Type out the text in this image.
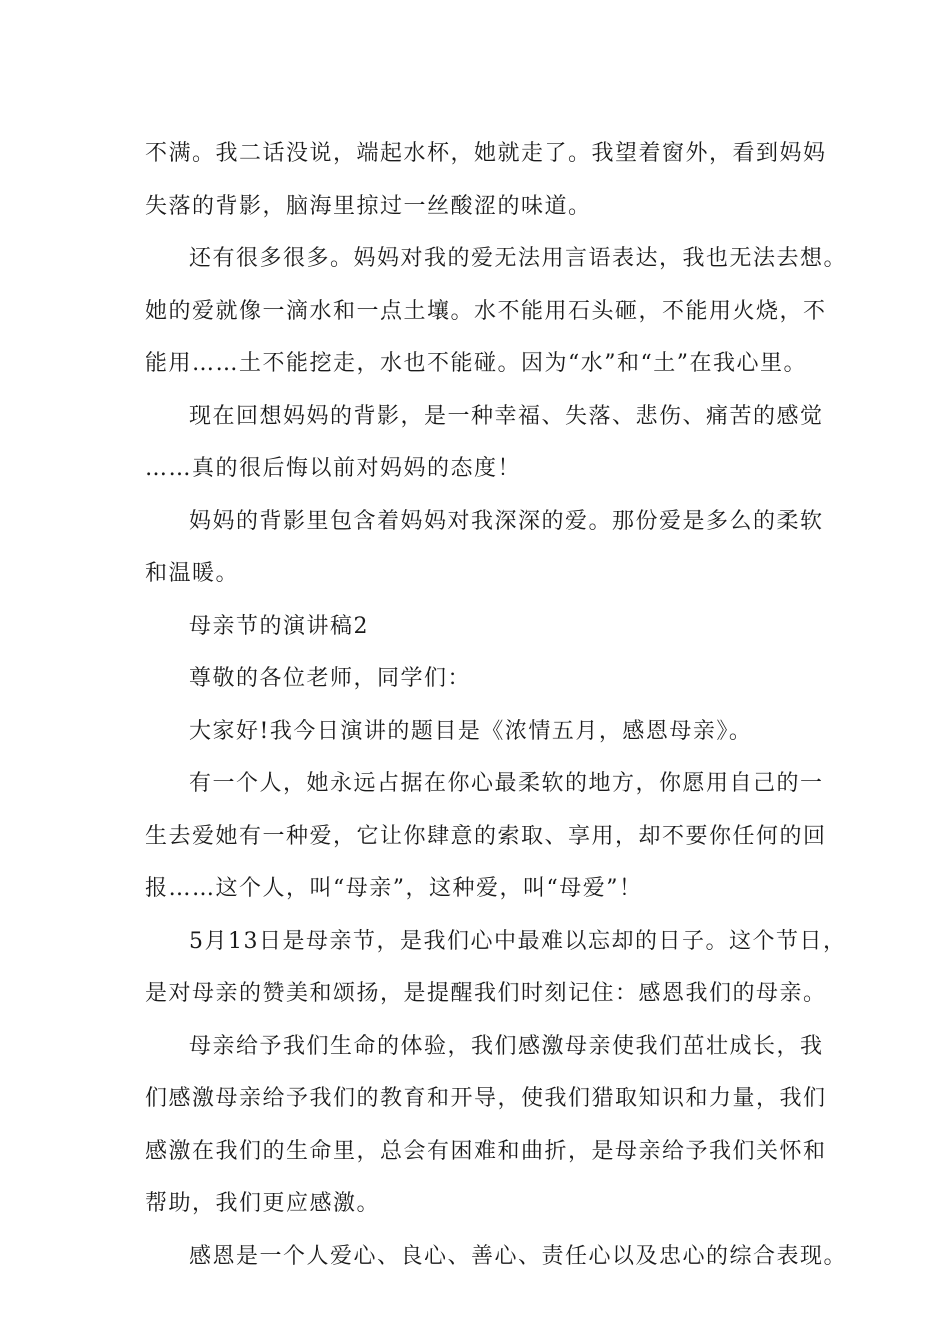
不满。我二话没说，端起水杯，她就走了。我望着窗外，看到妈妈
失落的背影，脑海里掠过一丝酸涩的味道。
还有很多很多。妈妈对我的爱无法用言语表达，我也无法去想。
她的爱就像一滴水和一点土壤。水不能用石头砸，不能用火烧，不
能用……土不能挖走，水也不能碰。因为“水”和“土”在我心里。
现在回想妈妈的背影，是一种幸福、失落、悲伤、痛苦的感觉
……真的很后悔以前对妈妈的态度！
妈妈的背影里包含着妈妈对我深深的爱。那份爱是多么的柔软
和温暖。
母亲节的演讲稿2
尊敬的各位老师，同学们：
大家好!我今日演讲的题目是《浓情五月，感恩母亲》。
有一个人，她永远占据在你心最柔软的地方，你愿用自己的一
生去爱她有一种爱，它让你肆意的索取、享用，却不要你任何的回
报……这个人，叫“母亲”，这种爱，叫“母爱”！
5月13日是母亲节，是我们心中最难以忘却的日子。这个节日，
是对母亲的赞美和颂扬，是提醒我们时刻记住：感恩我们的母亲。
母亲给予我们生命的体验，我们感激母亲使我们茁壮成长，我
们感激母亲给予我们的教育和开导，使我们猎取知识和力量，我们
感激在我们的生命里，总会有困难和曲折，是母亲给予我们关怀和
帮助，我们更应感激。
感恩是一个人爱心、良心、善心、责任心以及忠心的综合表现。
